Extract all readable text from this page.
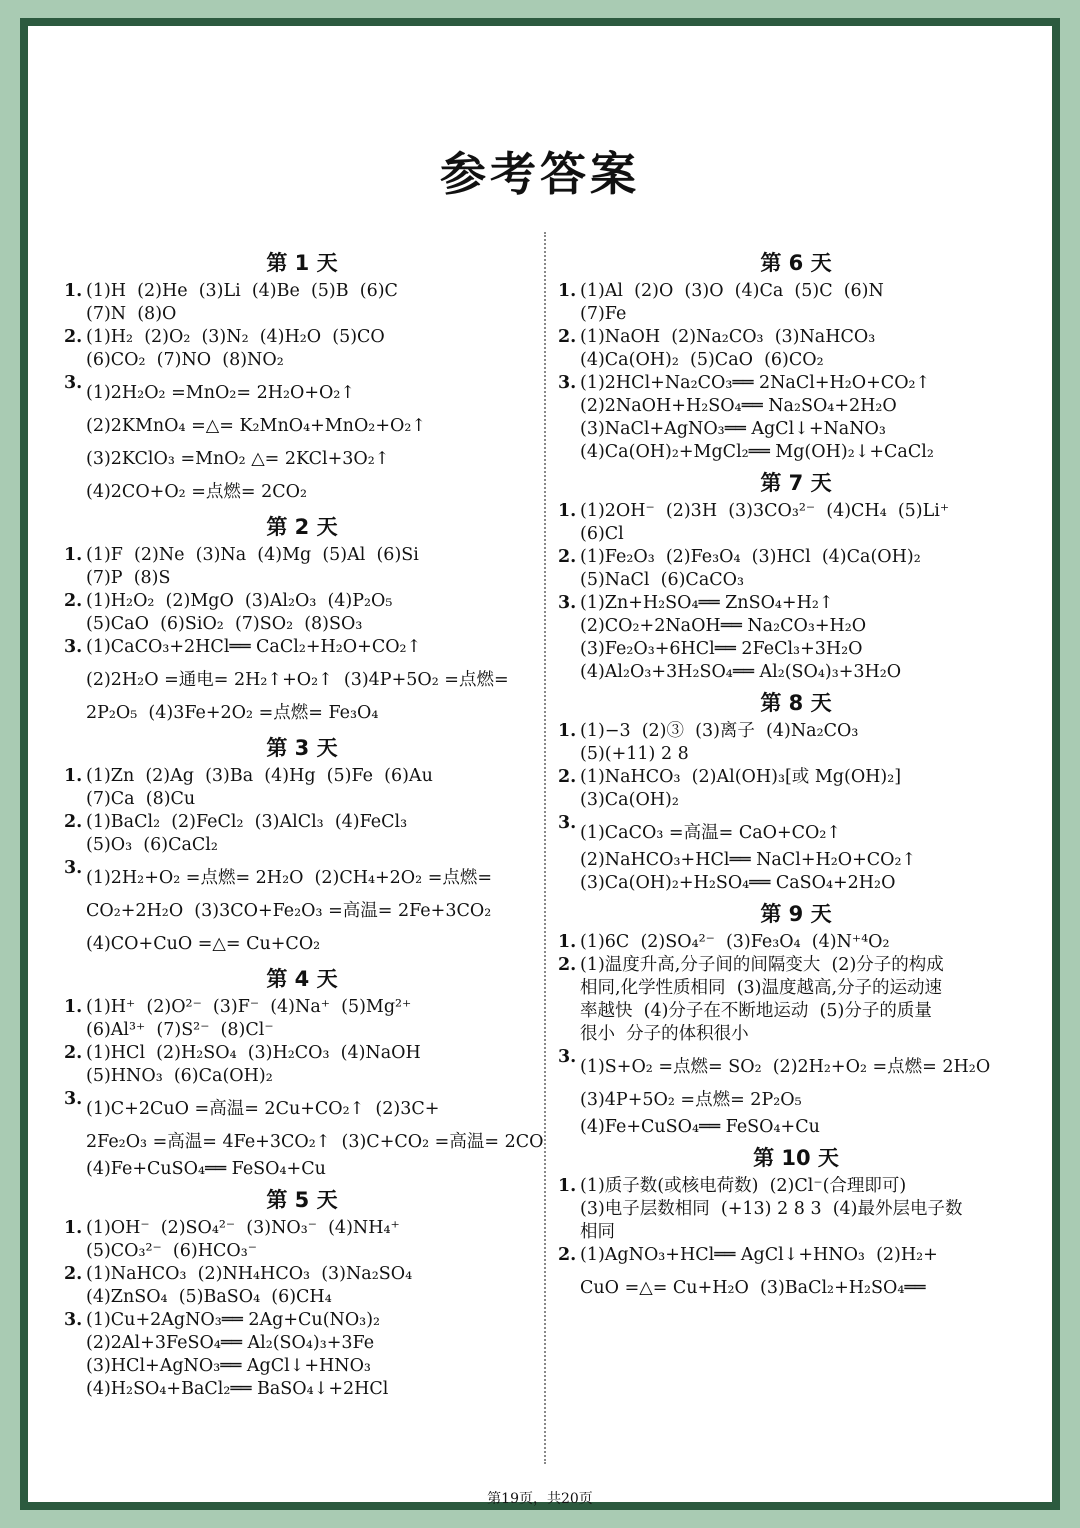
参考答案
第 1 天
1. (1)H  (2)He  (3)Li  (4)Be  (5)B  (6)C
(7)N  (8)O
2. (1)H₂  (2)O₂  (3)N₂  (4)H₂O  (5)CO
(6)CO₂  (7)NO  (8)NO₂
3. (1)2H₂O₂ =MnO₂= 2H₂O+O₂↑
(2)2KMnO₄ =△= K₂MnO₄+MnO₂+O₂↑
(3)2KClO₃ =MnO₂ △= 2KCl+3O₂↑
(4)2CO+O₂ =点燃= 2CO₂
第 2 天
1. (1)F  (2)Ne  (3)Na  (4)Mg  (5)Al  (6)Si
(7)P  (8)S
2. (1)H₂O₂  (2)MgO  (3)Al₂O₃  (4)P₂O₅
(5)CaO  (6)SiO₂  (7)SO₂  (8)SO₃
3. (1)CaCO₃+2HCl══ CaCl₂+H₂O+CO₂↑
(2)2H₂O =通电= 2H₂↑+O₂↑  (3)4P+5O₂ =点燃=
2P₂O₅  (4)3Fe+2O₂ =点燃= Fe₃O₄
第 3 天
1. (1)Zn  (2)Ag  (3)Ba  (4)Hg  (5)Fe  (6)Au
(7)Ca  (8)Cu
2. (1)BaCl₂  (2)FeCl₂  (3)AlCl₃  (4)FeCl₃
(5)O₃  (6)CaCl₂
3. (1)2H₂+O₂ =点燃= 2H₂O  (2)CH₄+2O₂ =点燃=
CO₂+2H₂O  (3)3CO+Fe₂O₃ =高温= 2Fe+3CO₂
(4)CO+CuO =△= Cu+CO₂
第 4 天
1. (1)H⁺  (2)O²⁻  (3)F⁻  (4)Na⁺  (5)Mg²⁺
(6)Al³⁺  (7)S²⁻  (8)Cl⁻
2. (1)HCl  (2)H₂SO₄  (3)H₂CO₃  (4)NaOH
(5)HNO₃  (6)Ca(OH)₂
3. (1)C+2CuO =高温= 2Cu+CO₂↑  (2)3C+
2Fe₂O₃ =高温= 4Fe+3CO₂↑  (3)C+CO₂ =高温= 2CO
(4)Fe+CuSO₄══ FeSO₄+Cu
第 5 天
1. (1)OH⁻  (2)SO₄²⁻  (3)NO₃⁻  (4)NH₄⁺
(5)CO₃²⁻  (6)HCO₃⁻
2. (1)NaHCO₃  (2)NH₄HCO₃  (3)Na₂SO₄
(4)ZnSO₄  (5)BaSO₄  (6)CH₄
3. (1)Cu+2AgNO₃══ 2Ag+Cu(NO₃)₂
(2)2Al+3FeSO₄══ Al₂(SO₄)₃+3Fe
(3)HCl+AgNO₃══ AgCl↓+HNO₃
(4)H₂SO₄+BaCl₂══ BaSO₄↓+2HCl
第 6 天
1. (1)Al  (2)O  (3)O  (4)Ca  (5)C  (6)N
(7)Fe
2. (1)NaOH  (2)Na₂CO₃  (3)NaHCO₃
(4)Ca(OH)₂  (5)CaO  (6)CO₂
3. (1)2HCl+Na₂CO₃══ 2NaCl+H₂O+CO₂↑
(2)2NaOH+H₂SO₄══ Na₂SO₄+2H₂O
(3)NaCl+AgNO₃══ AgCl↓+NaNO₃
(4)Ca(OH)₂+MgCl₂══ Mg(OH)₂↓+CaCl₂
第 7 天
1. (1)2OH⁻  (2)3H  (3)3CO₃²⁻  (4)CH₄  (5)Li⁺
(6)Cl
2. (1)Fe₂O₃  (2)Fe₃O₄  (3)HCl  (4)Ca(OH)₂
(5)NaCl  (6)CaCO₃
3. (1)Zn+H₂SO₄══ ZnSO₄+H₂↑
(2)CO₂+2NaOH══ Na₂CO₃+H₂O
(3)Fe₂O₃+6HCl══ 2FeCl₃+3H₂O
(4)Al₂O₃+3H₂SO₄══ Al₂(SO₄)₃+3H₂O
第 8 天
1. (1)−3  (2)③  (3)离子  (4)Na₂CO₃
(5)(+11) 2 8
2. (1)NaHCO₃  (2)Al(OH)₃[或 Mg(OH)₂]
(3)Ca(OH)₂
3. (1)CaCO₃ =高温= CaO+CO₂↑
(2)NaHCO₃+HCl══ NaCl+H₂O+CO₂↑
(3)Ca(OH)₂+H₂SO₄══ CaSO₄+2H₂O
第 9 天
1. (1)6C  (2)SO₄²⁻  (3)Fe₃O₄  (4)N⁺⁴O₂
2. (1)温度升高,分子间的间隔变大  (2)分子的构成
相同,化学性质相同  (3)温度越高,分子的运动速
率越快  (4)分子在不断地运动  (5)分子的质量
很小  分子的体积很小
3. (1)S+O₂ =点燃= SO₂  (2)2H₂+O₂ =点燃= 2H₂O
(3)4P+5O₂ =点燃= 2P₂O₅
(4)Fe+CuSO₄══ FeSO₄+Cu
第 10 天
1. (1)质子数(或核电荷数)  (2)Cl⁻(合理即可)
(3)电子层数相同  (+13) 2 8 3  (4)最外层电子数
相同
2. (1)AgNO₃+HCl══ AgCl↓+HNO₃  (2)H₂+
CuO =△= Cu+H₂O  (3)BaCl₂+H₂SO₄══
第19页，共20页
